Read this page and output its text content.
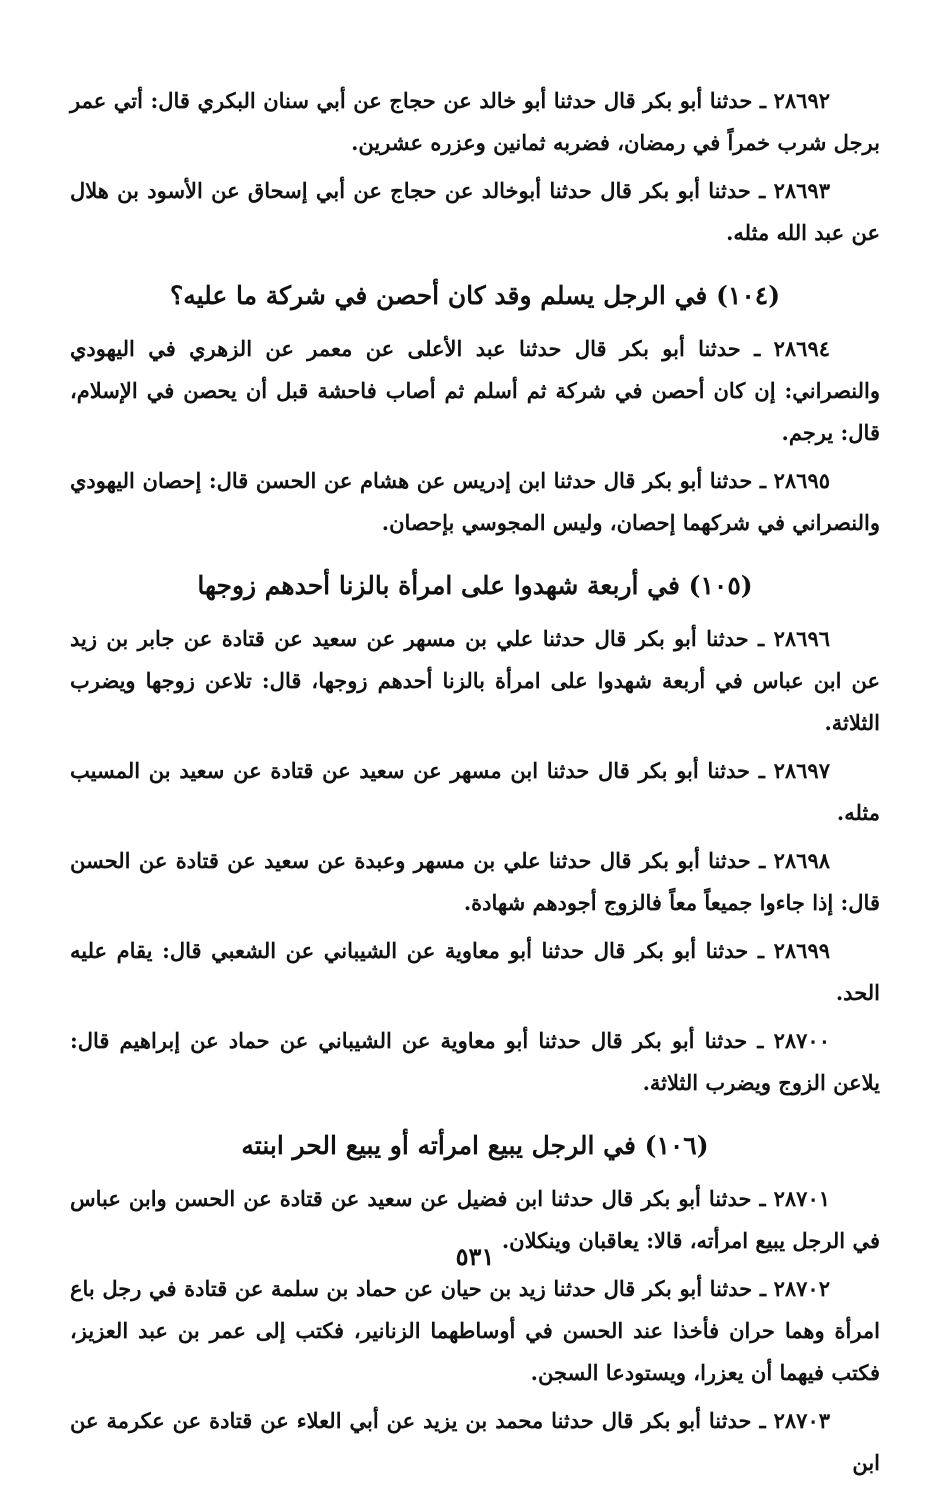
٢٨٦٩٢ ـ حدثنا أبو بكر قال حدثنا أبو خالد عن حجاج عن أبي سنان البكري قال: أتي عمر برجل شرب خمراً في رمضان، فضربه ثمانين وعزره عشرين.

٢٨٦٩٣ ـ حدثنا أبو بكر قال حدثنا أبوخالد عن حجاج عن أبي إسحاق عن الأسود بن هلال عن عبد الله مثله.

(١٠٤) في الرجل يسلم وقد كان أحصن في شركة ما عليه؟

٢٨٦٩٤ ـ حدثنا أبو بكر قال حدثنا عبد الأعلى عن معمر عن الزهري في اليهودي والنصراني: إن كان أحصن في شركة ثم أسلم ثم أصاب فاحشة قبل أن يحصن في الإسلام، قال: يرجم.

٢٨٦٩٥ ـ حدثنا أبو بكر قال حدثنا ابن إدريس عن هشام عن الحسن قال: إحصان اليهودي والنصراني في شركهما إحصان، وليس المجوسي بإحصان.

(١٠٥) في أربعة شهدوا على امرأة بالزنا أحدهم زوجها

٢٨٦٩٦ ـ حدثنا أبو بكر قال حدثنا علي بن مسهر عن سعيد عن قتادة عن جابر بن زيد عن ابن عباس في أربعة شهدوا على امرأة بالزنا أحدهم زوجها، قال: تلاعن زوجها ويضرب الثلاثة.

٢٨٦٩٧ ـ حدثنا أبو بكر قال حدثنا ابن مسهر عن سعيد عن قتادة عن سعيد بن المسيب مثله.

٢٨٦٩٨ ـ حدثنا أبو بكر قال حدثنا علي بن مسهر وعبدة عن سعيد عن قتادة عن الحسن قال: إذا جاءوا جميعاً معاً فالزوج أجودهم شهادة.

٢٨٦٩٩ ـ حدثنا أبو بكر قال حدثنا أبو معاوية عن الشيباني عن الشعبي قال: يقام عليه الحد.

٢٨٧٠٠ ـ حدثنا أبو بكر قال حدثنا أبو معاوية عن الشيباني عن حماد عن إبراهيم قال: يلاعن الزوج ويضرب الثلاثة.

(١٠٦) في الرجل يبيع امرأته أو يبيع الحر ابنته

٢٨٧٠١ ـ حدثنا أبو بكر قال حدثنا ابن فضيل عن سعيد عن قتادة عن الحسن وابن عباس في الرجل يبيع امرأته، قالا: يعاقبان وينكلان.

٢٨٧٠٢ ـ حدثنا أبو بكر قال حدثنا زيد بن حيان عن حماد بن سلمة عن قتادة في رجل باع امرأة وهما حران فأخذا عند الحسن في أوساطهما الزنانير، فكتب إلى عمر بن عبد العزيز، فكتب فيهما أن يعزرا، ويستودعا السجن.

٢٨٧٠٣ ـ حدثنا أبو بكر قال حدثنا محمد بن يزيد عن أبي العلاء عن قتادة عن عكرمة عن ابن

٥٣١
